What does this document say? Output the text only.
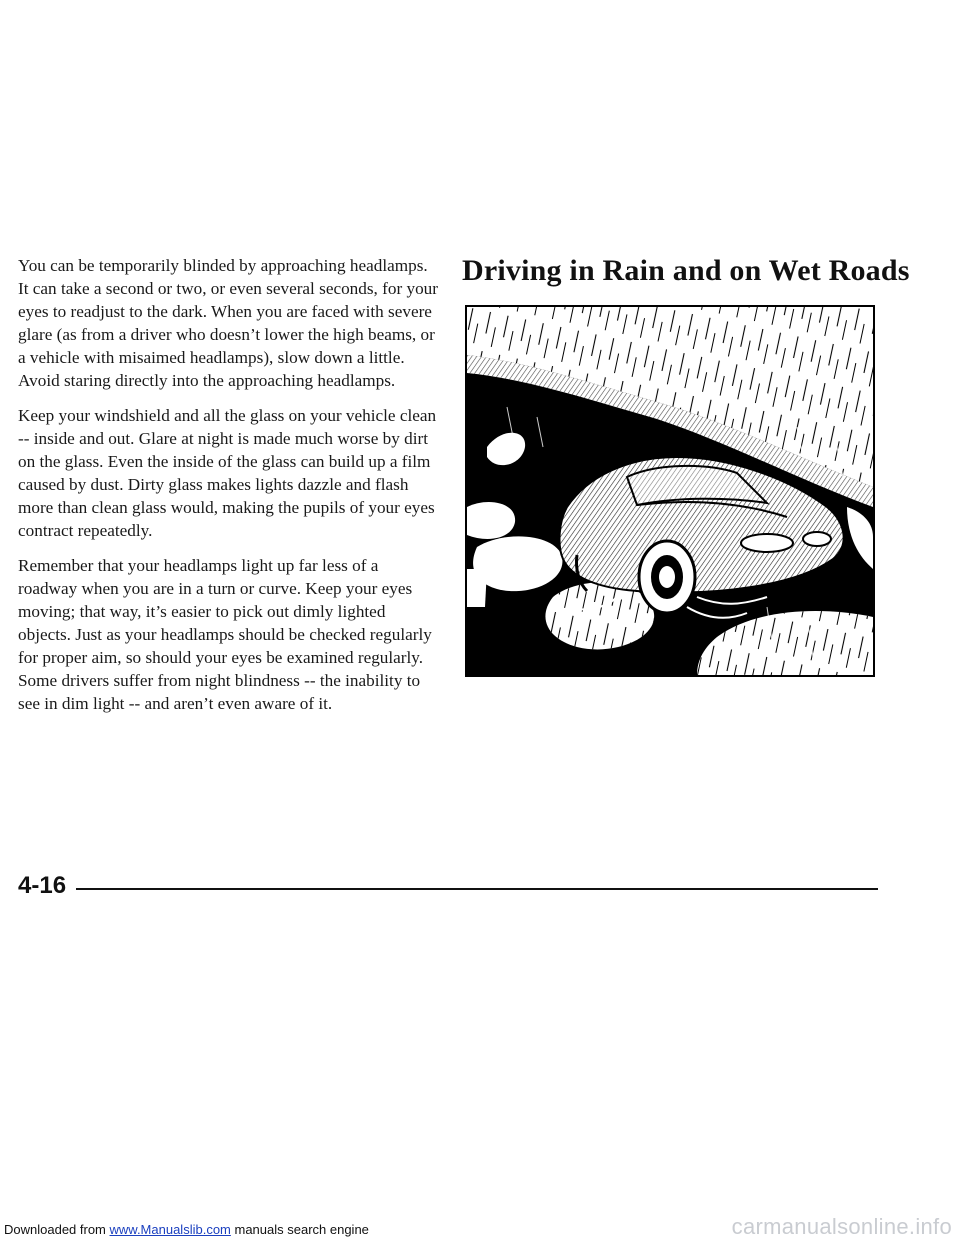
You can be temporarily blinded by approaching headlamps. It can take a second or two, or even several seconds, for your eyes to readjust to the dark. When you are faced with severe glare (as from a driver who doesn’t lower the high beams, or a vehicle with misaimed headlamps), slow down a little. Avoid staring directly into the approaching headlamps.

Keep your windshield and all the glass on your vehicle clean -- inside and out. Glare at night is made much worse by dirt on the glass. Even the inside of the glass can build up a film caused by dust. Dirty glass makes lights dazzle and flash more than clean glass would, making the pupils of your eyes contract repeatedly.

Remember that your headlamps light up far less of a roadway when you are in a turn or curve. Keep your eyes moving; that way, it’s easier to pick out dimly lighted objects. Just as your headlamps should be checked regularly for proper aim, so should your eyes be examined regularly. Some drivers suffer from night blindness -- the inability to see in dim light -- and aren’t even aware of it.

Driving in Rain and on Wet Roads
4-16
Downloaded from www.Manualslib.com manuals search engine	carmanualsonline.info
